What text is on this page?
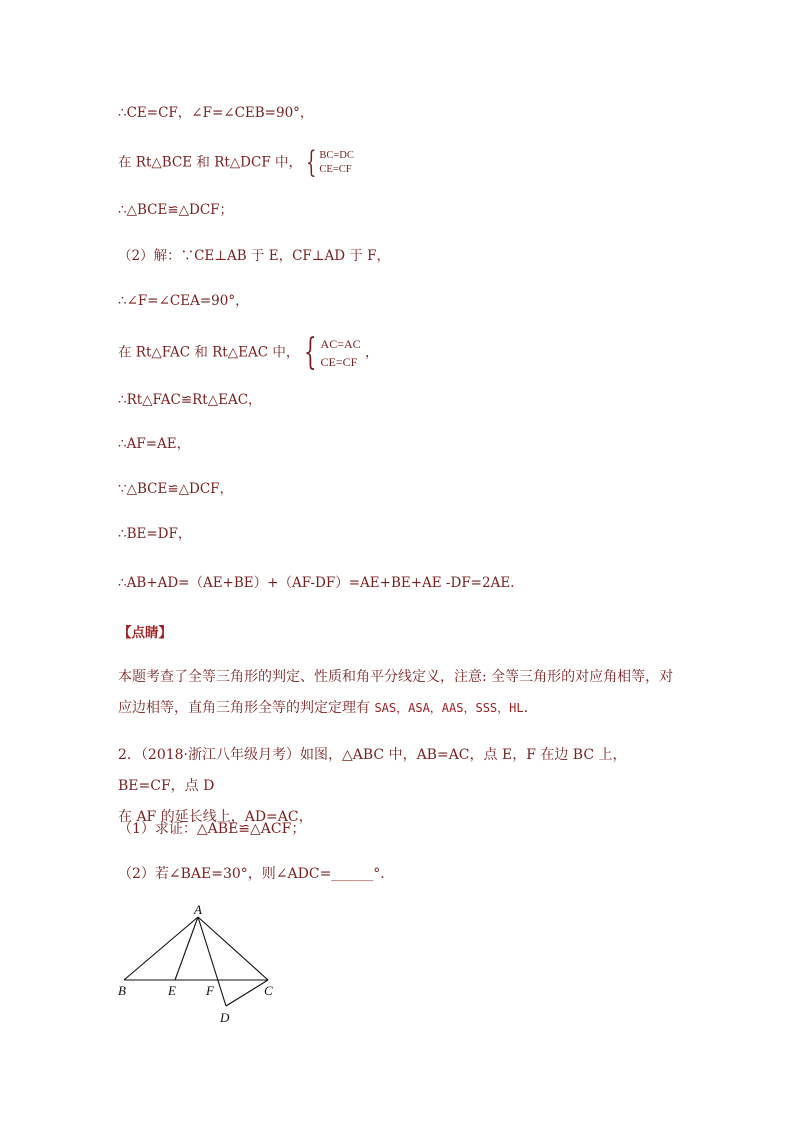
∴CE=CF，∠F=∠CEB=90°，
在 Rt△BCE 和 Rt△DCF 中， { BC=DC
CE=CF
∴△BCE≌△DCF；
（2）解：∵CE⊥AB 于 E，CF⊥AD 于 F，
∴∠F=∠CEA=90°，
在 Rt△FAC 和 Rt△EAC 中， { AC=AC
CE=CF ，
∴Rt△FAC≌Rt△EAC，
∴AF=AE，
∵△BCE≌△DCF，
∴BE=DF，
∴AB+AD=（AE+BE）+（AF-DF）=AE+BE+AE -DF=2AE.
【点睛】
本题考查了全等三角形的判定、性质和角平分线定义，注意: 全等三角形的对应角相等，对
应边相等，直角三角形全等的判定定理有 SAS，ASA，AAS，SSS，HL.
2．（2018·浙江八年级月考）如图，△ABC 中，AB=AC，点 E，F 在边 BC 上，BE=CF，点 D
在 AF 的延长线上，AD=AC，
（1）求证：△ABE≌△ACF；
（2）若∠BAE=30°，则∠ADC=______°.
A
B	E F	C
D
